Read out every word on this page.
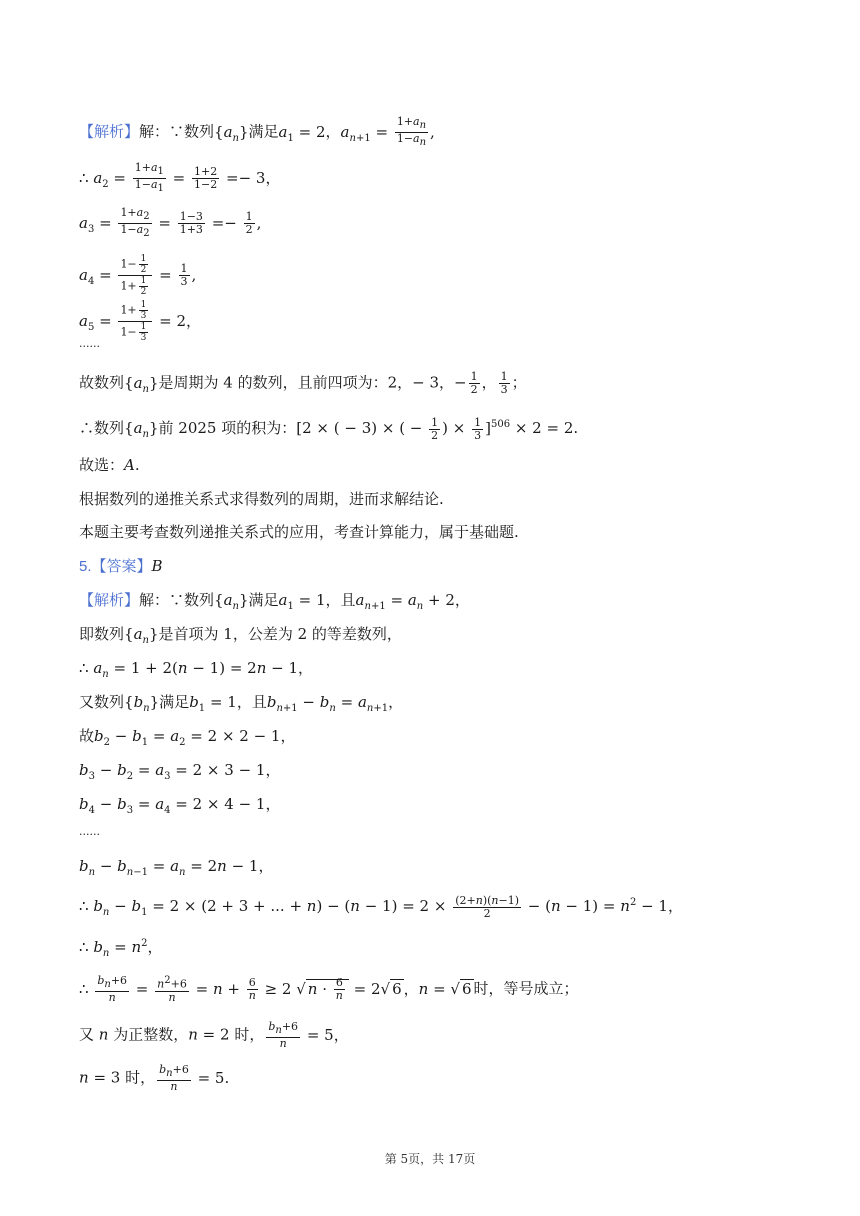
【解析】解：∵数列$\{a_n\}$满足$a_1 = 2$，$a_{n+1} = \frac{1+a_n}{1-a_n}$ ,
∴ $a_2 = \frac{1+a_1}{1-a_1} = \frac{1+2}{1-2} =- 3$，
$a_3 = \frac{1+a_2}{1-a_2} = \frac{1-3}{1+3} =- \frac{1}{2}$ ,
$a_4 = \frac{1- \frac{1}{2}}{1+ \frac{1}{2}} = \frac{1}{3}$ ,
$a_5 = \frac{1+ \frac{1}{3}}{1- \frac{1}{3}} = 2$，
......
故数列$\{a_n\}$是周期为 4 的数列，且前四项为：2，− 3，− $\frac{1}{2}$ ， $\frac{1}{3}$ ；
∴数列$\{a_n\}$前 2025 项的积为：[2 × ( − 3) × ( − $\frac{1}{2}$ ) × $\frac{1}{3} ]^{506} \times 2 = 2$.
故选：A.
根据数列的递推关系式求得数列的周期，进而求解结论.
本题主要考查数列递推关系式的应用，考查计算能力，属于基础题.
5.【答案】B
【解析】解：∵数列$\{a_n\}$满足$a_1 = 1$，且$a_{n+1} = a_n + 2$，
即数列$\{a_n\}$是首项为 1，公差为 2 的等差数列，
∴ $a_n = 1 + 2(n - 1) = 2n - 1$，
又数列$\{b_n\}$满足$b_1 = 1$，且$b_{n+1} - b_n = a_{n+1}$，
故$b_2 - b_1 = a_2 = 2 \times 2 - 1$，
$b_3 - b_2 = a_3 = 2 \times 3 - 1$，
$b_4 - b_3 = a_4 = 2 \times 4 - 1$，
......
$b_n - b_{n-1} = a_n = 2n - 1$，
∴ $b_n - b_1 = 2 \times (2 + 3$ + ... + $n) - (n - 1) = 2 \times \frac{(2+n)(n-1)}{2} - (n - 1) = n^2 - 1$，
∴ $b_n = n^2$，
∴ $\frac{b_n+6}{n} = \frac{n^2+6}{n} = n + \frac{6}{n} \ge 2$ √ $n \cdot \frac{6}{n} = 2√$ 6 ，n = √ 6 时，等号成立；
又 n 为正整数，n = 2 时， $\frac{b_n+6}{n} = 5$，
n = 3 时， $\frac{b_n+6}{n} = 5$.
第 5页，共 17页
